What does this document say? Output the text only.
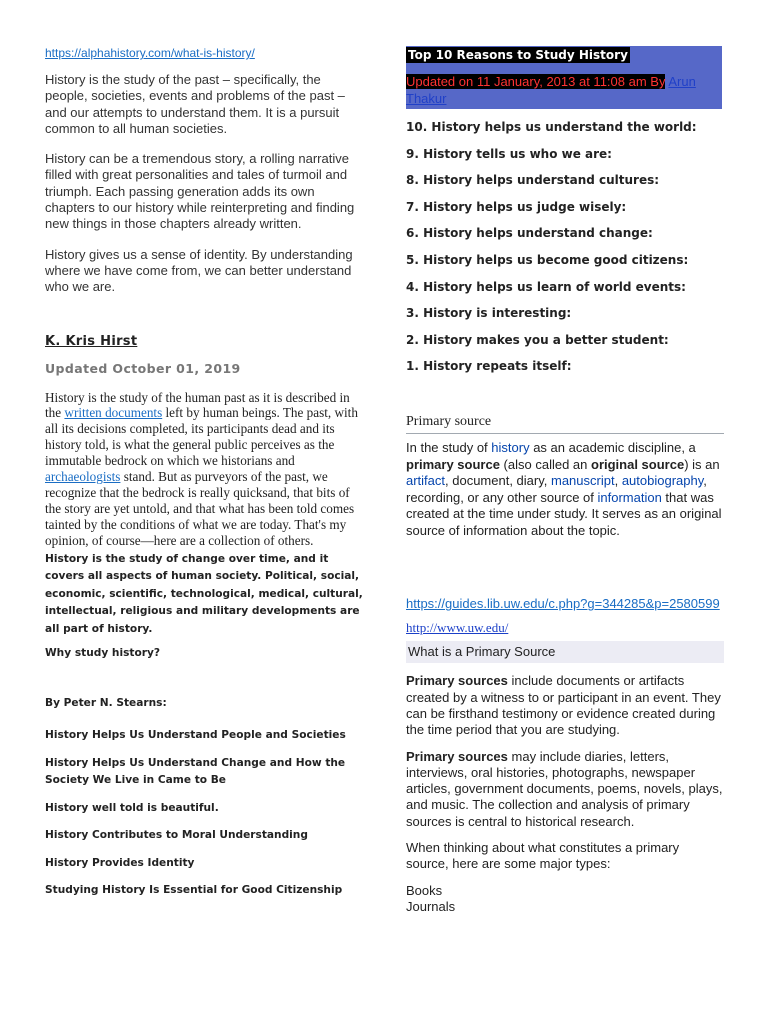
https://alphahistory.com/what-is-history/

History is the study of the past – specifically, the people, societies, events and problems of the past – and our attempts to understand them. It is a pursuit common to all human societies.

History can be a tremendous story, a rolling narrative filled with great personalities and tales of turmoil and triumph. Each passing generation adds its own chapters to our history while reinterpreting and finding new things in those chapters already written.

History gives us a sense of identity. By understanding where we have come from, we can better understand who we are.

K. Kris Hirst
Updated October 01, 2019

History is the study of the human past as it is described in the written documents left by human beings. The past, with all its decisions completed, its participants dead and its history told, is what the general public perceives as the immutable bedrock on which we historians and archaeologists stand. But as purveyors of the past, we recognize that the bedrock is really quicksand, that bits of the story are yet untold, and that what has been told comes tainted by the conditions of what we are today. That's my opinion, of course—here are a collection of others.

History is the study of change over time, and it covers all aspects of human society. Political, social, economic, scientific, technological, medical, cultural, intellectual, religious and military developments are all part of history.

Why study history?
By Peter N. Stearns:
History Helps Us Understand People and Societies
History Helps Us Understand Change and How the Society We Live in Came to Be
History well told is beautiful.
History Contributes to Moral Understanding
History Provides Identity
Studying History Is Essential for Good Citizenship
Top 10 Reasons to Study History
Updated on 11 January, 2013 at 11:08 am By Arun Thakur
10. History helps us understand the world:
9. History tells us who we are:
8. History helps understand cultures:
7. History helps us judge wisely:
6. History helps understand change:
5. History helps us become good citizens:
4. History helps us learn of world events:
3. History is interesting:
2. History makes you a better student:
1. History repeats itself:
Primary source

In the study of history as an academic discipline, a primary source (also called an original source) is an artifact, document, diary, manuscript, autobiography, recording, or any other source of information that was created at the time under study. It serves as an original source of information about the topic.

https://guides.lib.uw.edu/c.php?g=344285&p=2580599
http://www.uw.edu/
What is a Primary Source

Primary sources include documents or artifacts created by a witness to or participant in an event. They can be firsthand testimony or evidence created during the time period that you are studying.

Primary sources may include diaries, letters, interviews, oral histories, photographs, newspaper articles, government documents, poems, novels, plays, and music. The collection and analysis of primary sources is central to historical research.

When thinking about what constitutes a primary source, here are some major types:

Books
Journals
